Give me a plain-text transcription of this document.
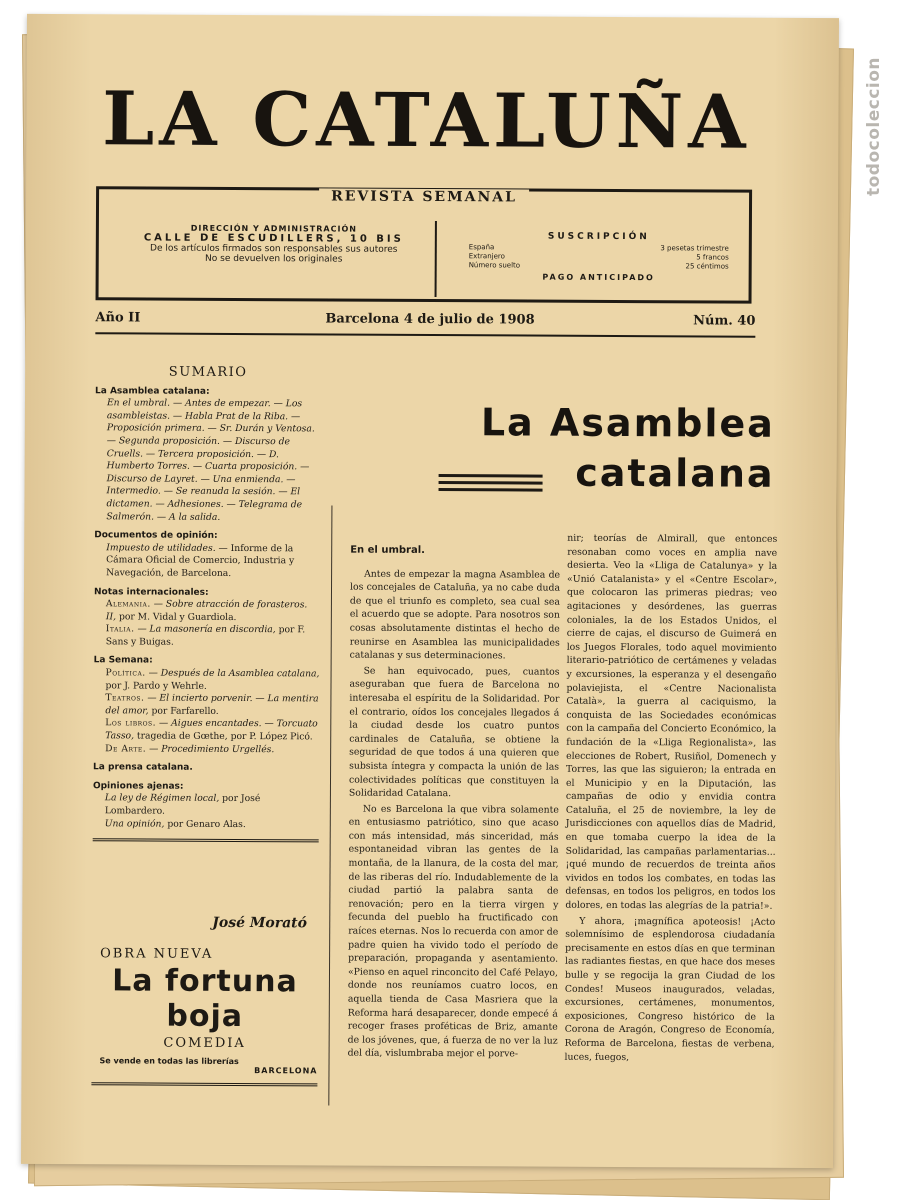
LA CATALUÑA
REVISTA SEMANAL
DIRECCIÓN Y ADMINISTRACIÓN
CALLE DE ESCUDILLERS, 10 BIS
De los artículos firmados son responsables sus autores
No se devuelven los originales
SUSCRIPCIÓN
España	3 pesetas trimestre
Extranjero	5 francos
Número suelto	25 céntimos
PAGO ANTICIPADO
Año II	Barcelona 4 de julio de 1908	Núm. 40
SUMARIO
La Asamblea catalana:
En el umbral. — Antes de empezar. — Los asambleistas. — Habla Prat de la Riba. — Proposición primera. — Sr. Durán y Ventosa. — Segunda proposición. — Discurso de Cruells. — Tercera proposición. — D. Humberto Torres. — Cuarta proposición. — Discurso de Layret. — Una enmienda. — Intermedio. — Se reanuda la sesión. — El dictamen. — Adhesiones. — Telegrama de Salmerón. — A la salida.
Documentos de opinión:
Impuesto de utilidades. — Informe de la Cámara Oficial de Comercio, Industria y Navegación, de Barcelona.
Notas internacionales:
Alemania. — Sobre atracción de forasteros. II, por M. Vidal y Guardiola.
Italia. — La masonería en discordia, por F. Sans y Buigas.
La Semana:
Política. — Después de la Asamblea catalana, por J. Pardo y Wehrle.
Teatros. — El incierto porvenir. — La mentira del amor, por Farfarello.
Los libros. — Aigues encantades. — Torcuato Tasso, tragedia de Gœthe, por P. López Picó.
De Arte. — Procedimiento Urgellés.
La prensa catalana.
Opiniones ajenas:
La ley de Régimen local, por José Lombardero.
Una opinión, por Genaro Alas.
José Morató
OBRA NUEVA
La fortuna boja
COMEDIA
Se vende en todas las librerías
BARCELONA
La Asamblea
catalana
En el umbral.

Antes de empezar la magna Asamblea de los concejales de Cataluña, ya no cabe duda de que el triunfo es completo, sea cual sea el acuerdo que se adopte. Para nosotros son cosas absolutamente distintas el hecho de reunirse en Asamblea las municipalidades catalanas y sus determinaciones.

Se han equivocado, pues, cuantos aseguraban que fuera de Barcelona no interesaba el espíritu de la Solidaridad. Por el contrario, oídos los concejales llegados á la ciudad desde los cuatro puntos cardinales de Cataluña, se obtiene la seguridad de que todos á una quieren que subsista íntegra y compacta la unión de las colectividades políticas que constituyen la Solidaridad Catalana.

No es Barcelona la que vibra solamente en entusiasmo patriótico, sino que acaso con más intensidad, más sinceridad, más espontaneidad vibran las gentes de la montaña, de la llanura, de la costa del mar, de las riberas del río. Indudablemente de la ciudad partió la palabra santa de renovación; pero en la tierra virgen y fecunda del pueblo ha fructificado con raíces eternas. Nos lo recuerda con amor de padre quien ha vivido todo el período de preparación, propaganda y asentamiento. «Pienso en aquel rinconcito del Café Pelayo, donde nos reuníamos cuatro locos, en aquella tienda de Casa Masriera que la Reforma hará desaparecer, donde empecé á recoger frases proféticas de Briz, amante de los jóvenes, que, á fuerza de no ver la luz del día, vislumbraba mejor el porve-

nir; teorías de Almirall, que entonces resonaban como voces en amplia nave desierta. Veo la «Lliga de Catalunya» y la «Unió Catalanista» y el «Centre Escolar», que colocaron las primeras piedras; veo agitaciones y desórdenes, las guerras coloniales, la de los Estados Unidos, el cierre de cajas, el discurso de Guimerá en los Juegos Florales, todo aquel movimiento literario-patriótico de certámenes y veladas y excursiones, la esperanza y el desengaño polaviejista, el «Centre Nacionalista Català», la guerra al caciquismo, la conquista de las Sociedades económicas con la campaña del Concierto Económico, la fundación de la «Lliga Regionalista», las elecciones de Robert, Rusiñol, Domenech y Torres, las que las siguieron; la entrada en el Municipio y en la Diputación, las campañas de odio y envidia contra Cataluña, el 25 de noviembre, la ley de Jurisdicciones con aquellos días de Madrid, en que tomaba cuerpo la idea de la Solidaridad, las campañas parlamentarias... ¡qué mundo de recuerdos de treinta años vividos en todos los combates, en todas las defensas, en todos los peligros, en todos los dolores, en todas las alegrías de la patria!».

Y ahora, ¡magnífica apoteosis! ¡Acto solemnísimo de esplendorosa ciudadanía precisamente en estos días en que terminan las radiantes fiestas, en que hace dos meses bulle y se regocija la gran Ciudad de los Condes! Museos inaugurados, veladas, excursiones, certámenes, monumentos, exposiciones, Congreso histórico de la Corona de Aragón, Congreso de Economía, Reforma de Barcelona, fiestas de verbena, luces, fuegos,

todocoleccion
